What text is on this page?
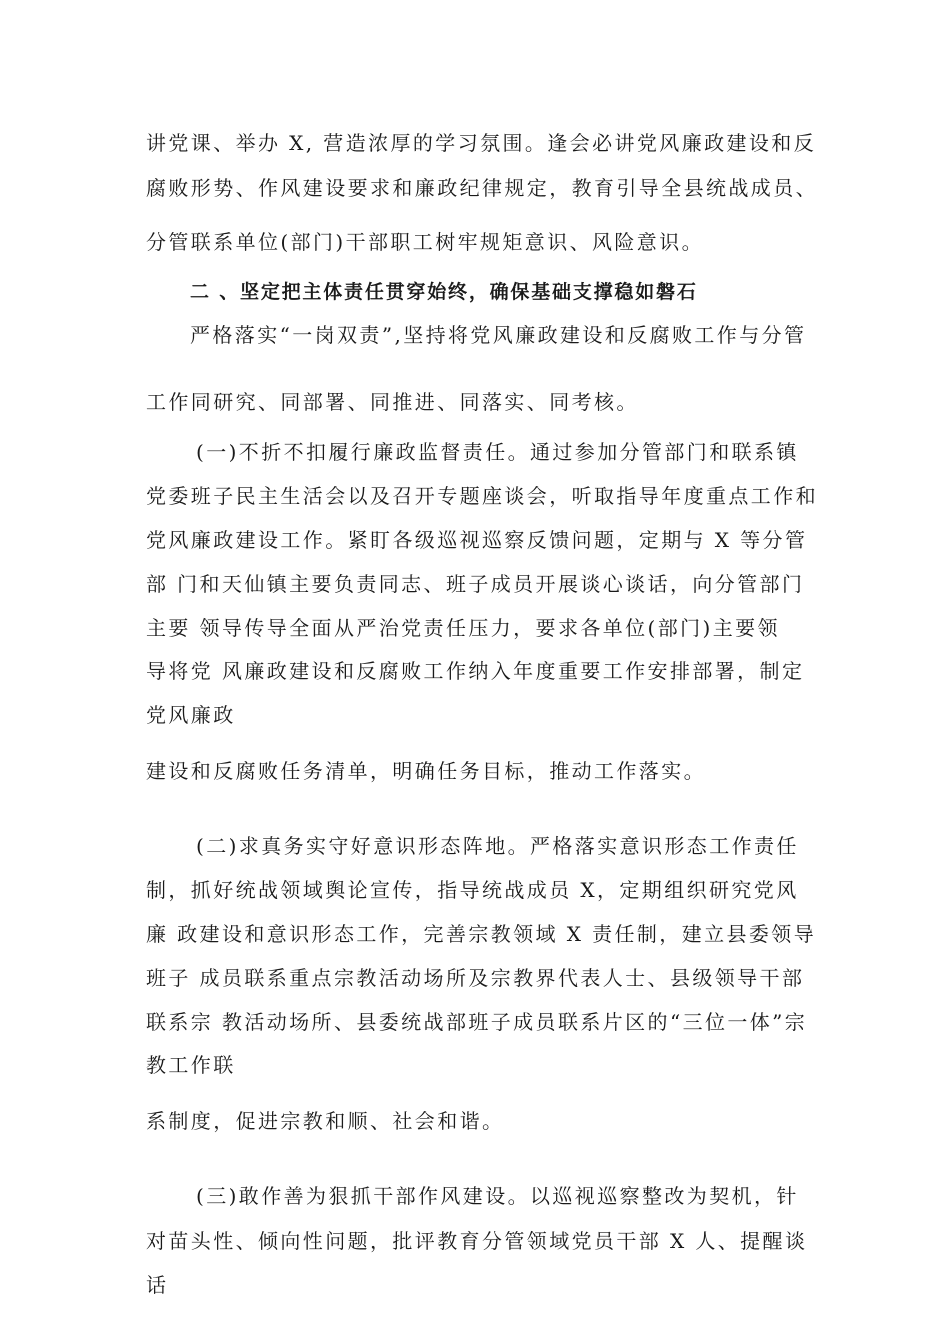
讲党课、举办 X, 营造浓厚的学习氛围。逢会必讲党风廉政建设和反
腐败形势、作风建设要求和廉政纪律规定，教育引导全县统战成员、
分管联系单位(部门)干部职工树牢规矩意识、风险意识。
二 、坚定把主体责任贯穿始终，确保基础支撑稳如磐石
严格落实“一岗双责”,坚持将党风廉政建设和反腐败工作与分管
工作同研究、同部署、同推进、同落实、同考核。
(一)不折不扣履行廉政监督责任。通过参加分管部门和联系镇
党委班子民主生活会以及召开专题座谈会，听取指导年度重点工作和
党风廉政建设工作。紧盯各级巡视巡察反馈问题，定期与 X 等分管
部 门和天仙镇主要负责同志、班子成员开展谈心谈话，向分管部门
主要 领导传导全面从严治党责任压力，要求各单位(部门)主要领
导将党 风廉政建设和反腐败工作纳入年度重要工作安排部署，制定
党风廉政
建设和反腐败任务清单，明确任务目标，推动工作落实。
(二)求真务实守好意识形态阵地。严格落实意识形态工作责任
制，抓好统战领域舆论宣传，指导统战成员 X，定期组织研究党风
廉 政建设和意识形态工作，完善宗教领域 X 责任制，建立县委领导
班子 成员联系重点宗教活动场所及宗教界代表人士、县级领导干部
联系宗 教活动场所、县委统战部班子成员联系片区的“三位一体”宗
教工作联
系制度，促进宗教和顺、社会和谐。
(三)敢作善为狠抓干部作风建设。以巡视巡察整改为契机，针
对苗头性、倾向性问题，批评教育分管领域党员干部 X 人、提醒谈
话
